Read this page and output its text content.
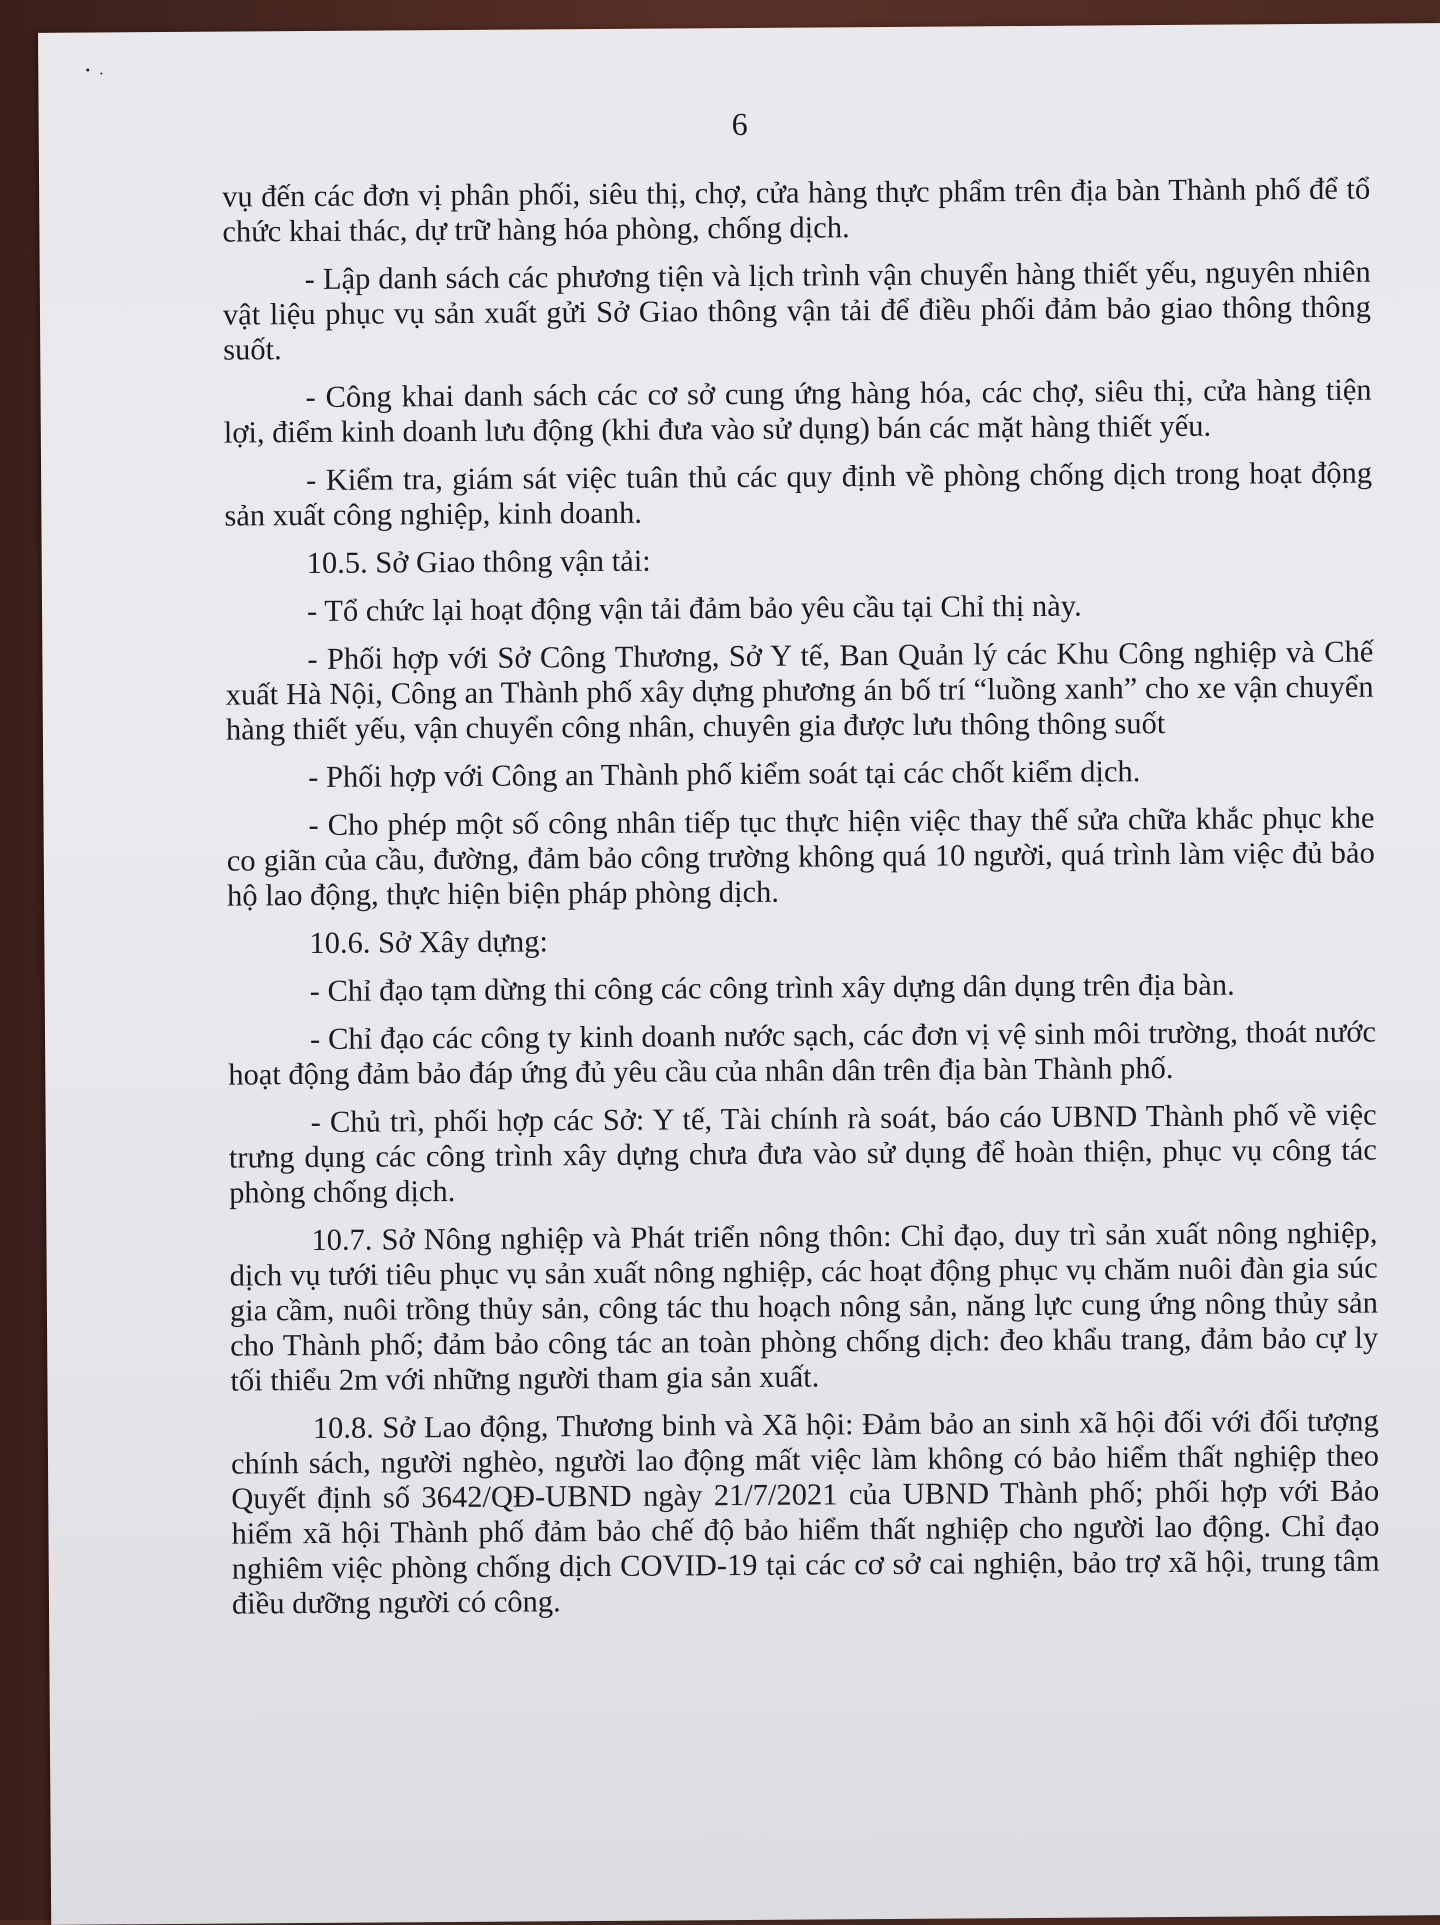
6

vụ đến các đơn vị phân phối, siêu thị, chợ, cửa hàng thực phẩm trên địa bàn Thành phố để tổ chức khai thác, dự trữ hàng hóa phòng, chống dịch.

- Lập danh sách các phương tiện và lịch trình vận chuyển hàng thiết yếu, nguyên nhiên vật liệu phục vụ sản xuất gửi Sở Giao thông vận tải để điều phối đảm bảo giao thông thông suốt.

- Công khai danh sách các cơ sở cung ứng hàng hóa, các chợ, siêu thị, cửa hàng tiện lợi, điểm kinh doanh lưu động (khi đưa vào sử dụng) bán các mặt hàng thiết yếu.

- Kiểm tra, giám sát việc tuân thủ các quy định về phòng chống dịch trong hoạt động sản xuất công nghiệp, kinh doanh.

10.5. Sở Giao thông vận tải:

- Tổ chức lại hoạt động vận tải đảm bảo yêu cầu tại Chỉ thị này.

- Phối hợp với Sở Công Thương, Sở Y tế, Ban Quản lý các Khu Công nghiệp và Chế xuất Hà Nội, Công an Thành phố xây dựng phương án bố trí “luồng xanh” cho xe vận chuyển hàng thiết yếu, vận chuyển công nhân, chuyên gia được lưu thông thông suốt

- Phối hợp với Công an Thành phố kiểm soát tại các chốt kiểm dịch.

- Cho phép một số công nhân tiếp tục thực hiện việc thay thế sửa chữa khắc phục khe co giãn của cầu, đường, đảm bảo công trường không quá 10 người, quá trình làm việc đủ bảo hộ lao động, thực hiện biện pháp phòng dịch.

10.6. Sở Xây dựng:

- Chỉ đạo tạm dừng thi công các công trình xây dựng dân dụng trên địa bàn.

- Chỉ đạo các công ty kinh doanh nước sạch, các đơn vị vệ sinh môi trường, thoát nước hoạt động đảm bảo đáp ứng đủ yêu cầu của nhân dân trên địa bàn Thành phố.

- Chủ trì, phối hợp các Sở: Y tế, Tài chính rà soát, báo cáo UBND Thành phố về việc trưng dụng các công trình xây dựng chưa đưa vào sử dụng để hoàn thiện, phục vụ công tác phòng chống dịch.

10.7. Sở Nông nghiệp và Phát triển nông thôn: Chỉ đạo, duy trì sản xuất nông nghiệp, dịch vụ tưới tiêu phục vụ sản xuất nông nghiệp, các hoạt động phục vụ chăm nuôi đàn gia súc gia cầm, nuôi trồng thủy sản, công tác thu hoạch nông sản, năng lực cung ứng nông thủy sản cho Thành phố; đảm bảo công tác an toàn phòng chống dịch: đeo khẩu trang, đảm bảo cự ly tối thiểu 2m với những người tham gia sản xuất.

10.8. Sở Lao động, Thương binh và Xã hội: Đảm bảo an sinh xã hội đối với đối tượng chính sách, người nghèo, người lao động mất việc làm không có bảo hiểm thất nghiệp theo Quyết định số 3642/QĐ-UBND ngày 21/7/2021 của UBND Thành phố; phối hợp với Bảo hiểm xã hội Thành phố đảm bảo chế độ bảo hiểm thất nghiệp cho người lao động. Chỉ đạo nghiêm việc phòng chống dịch COVID-19 tại các cơ sở cai nghiện, bảo trợ xã hội, trung tâm điều dưỡng người có công.
